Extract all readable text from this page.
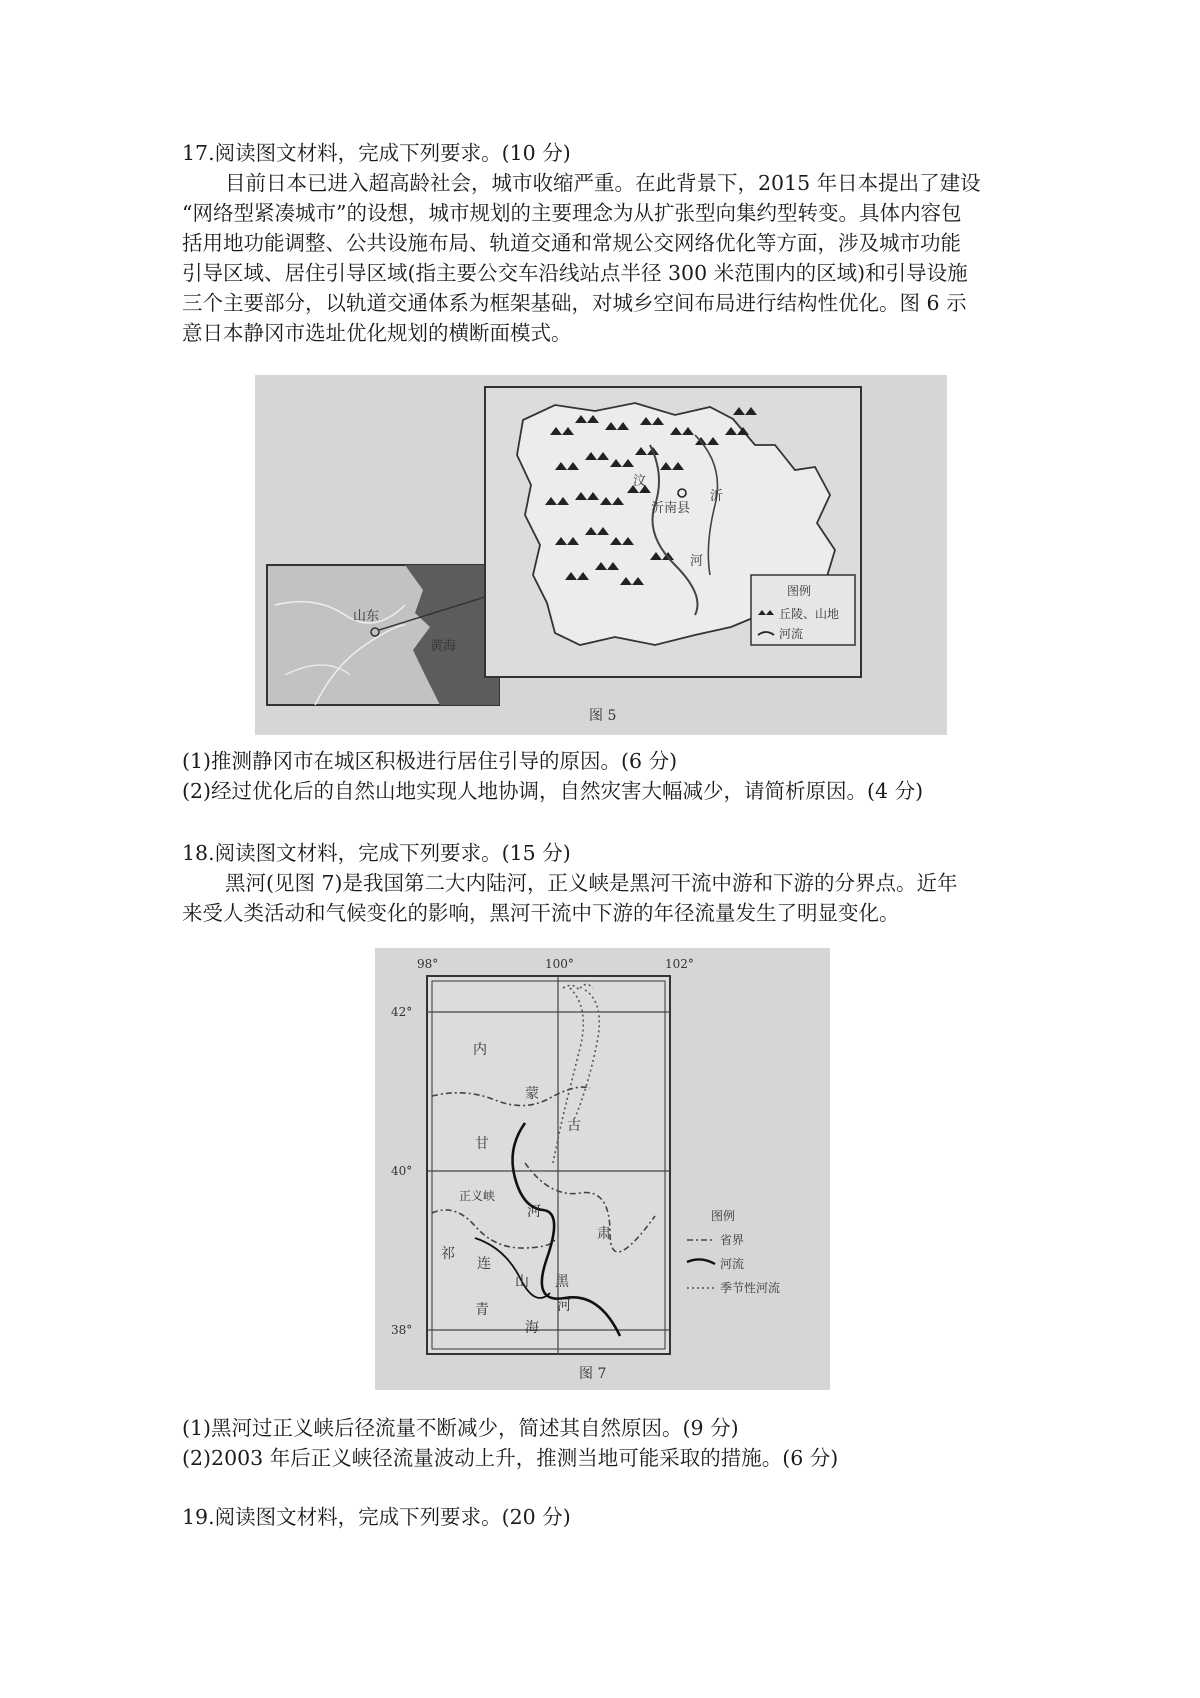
17.阅读图文材料，完成下列要求。(10 分)
目前日本已进入超高龄社会，城市收缩严重。在此背景下，2015 年日本提出了建设
“网络型紧凑城市”的设想，城市规划的主要理念为从扩张型向集约型转变。具体内容包
括用地功能调整、公共设施布局、轨道交通和常规公交网络优化等方面，涉及城市功能
引导区域、居住引导区域(指主要公交车沿线站点半径 300 米范围内的区域)和引导设施
三个主要部分，以轨道交通体系为框架基础，对城乡空间布局进行结构性优化。图 6 示
意日本静冈市选址优化规划的横断面模式。
山东
黄海
沂南县
沂
河
汶
图例
丘陵、山地
河流
图 5
(1)推测静冈市在城区积极进行居住引导的原因。(6 分)
(2)经过优化后的自然山地实现人地协调，自然灾害大幅减少，请简析原因。(4 分)
18.阅读图文材料，完成下列要求。(15 分)
黑河(见图 7)是我国第二大内陆河，正义峡是黑河干流中游和下游的分界点。近年
来受人类活动和气候变化的影响，黑河干流中下游的年径流量发生了明显变化。
98°	100°	102°
42°
40°
38°
内
蒙
古
甘
正义峡
河
肃
祁
连
山 黑
河
青
海
图例
省界
河流
季节性河流
图 7
(1)黑河过正义峡后径流量不断减少，简述其自然原因。(9 分)
(2)2003 年后正义峡径流量波动上升，推测当地可能采取的措施。(6 分)
19.阅读图文材料，完成下列要求。(20 分)
